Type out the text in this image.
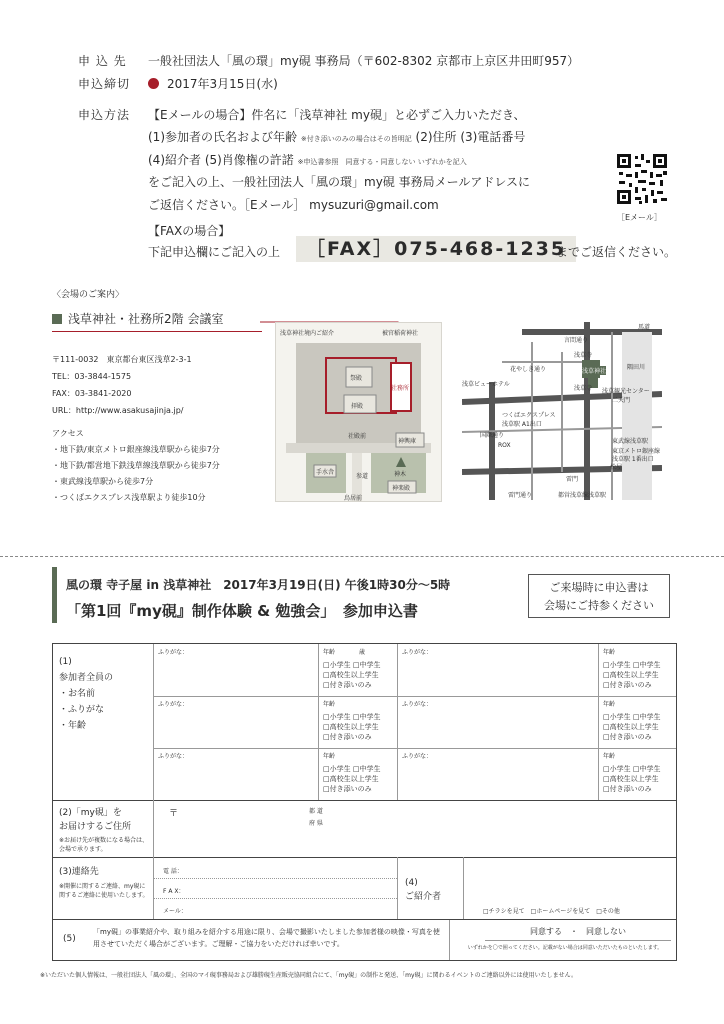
申 込 先 一般社団法人「風の環」my硯 事務局（〒602-8302 京都市上京区井田町957）
申込締切	2017年3月15日(水)
申込方法 【Eメールの場合】件名に「浅草神社 my硯」と必ずご入力いただき、
(1)参加者の氏名および年齢 ※付き添いのみの場合はその旨明記 (2)住所 (3)電話番号
(4)紹介者 (5)肖像権の許諾 ※申込書参照　同意する・同意しない いずれかを記入
をご記入の上、一般社団法人「風の環」my硯 事務局メールアドレスに
ご返信ください。［Eメール］ mysuzuri@gmail.com
［Eメール］
【FAXの場合】
下記申込欄にご記入の上	［FAX］075-468-1235
までご返信ください。
〈会場のご案内〉
浅草神社・社務所2階 会議室
〒111-0032　東京都台東区浅草2-3-1
TEL：03-3844-1575
FAX：03-3841-2020
URL：http://www.asakusajinja.jp/
アクセス
・地下鉄/東京メトロ銀座線浅草駅から徒歩7分
・地下鉄/都営地下鉄浅草線浅草駅から徒歩7分
・東武線浅草駅から徒歩7分
・つくばエクスプレス浅草駅より徒歩10分
浅草神社境内ご紹介	被官稲荷神社
祭殿
拝殿
社務所
社殿前
神輿庫
手水舎	神木
参道
神楽殿
鳥居前
言問通り
馬道
浅草寺
花やしき通り	浅草神社
隅田川
浅草ビューホテル
浅草寺 浅草観光センター
二天門
つくばエクスプレス
浅草駅 A1出口
ROX
国際通り
雷門
東武線浅草駅
東京メトロ銀座線
浅草駅 1番出口
雷門通り	都営浅草線浅草駅
松屋
風の環 寺子屋 in 浅草神社　2017年3月19日(日) 午後1時30分～5時
「第1回『my硯』制作体験 & 勉強会」　参加申込書
ご来場時に申込書は
会場にご持参ください
(1)
参加者全員の
・お名前
・ふりがな
・年齢
ふりがな：	年齢　　　　	歳
□小学生 □中学生
□高校生以上学生
□付き添いのみ
ふりがな：	年齢
□小学生 □中学生
□高校生以上学生
□付き添いのみ
ふりがな：	年齢
□小学生 □中学生
□高校生以上学生
□付き添いのみ
ふりがな：	年齢
□小学生 □中学生
□高校生以上学生
□付き添いのみ
ふりがな：	年齢
□小学生 □中学生
□高校生以上学生
□付き添いのみ
ふりがな：	年齢
□小学生 □中学生
□高校生以上学生
□付き添いのみ
(2)「my硯」を
お届けするご住所
※お届け先が複数になる場合は、会場で承ります。
〒	都 道
府 県
(3)連絡先
※開催に関するご連絡、my硯に関するご連絡に使用いたします。
電 話：
F A X：
メール：
(4)
ご紹介者
□チラシを見て　□ホームページを見て　□その他
(5)
「my硯」の事業紹介や、取り組みを紹介する用途に限り、会場で撮影いたしました参加者様の映像・写真を使用させていただく場合がございます。ご理解・ご協力をいただければ幸いです。
同意する　・　同意しない
いずれかを〇で囲ってください。記載がない場合は同意いただいたものといたします。
※いただいた個人情報は、一般社団法人「風の環」、全国のマイ硯事務局および雄勝硯生産販売協同組合にて、「my硯」の制作と発送、「my硯」に関わるイベントのご連絡以外には使用いたしません。
